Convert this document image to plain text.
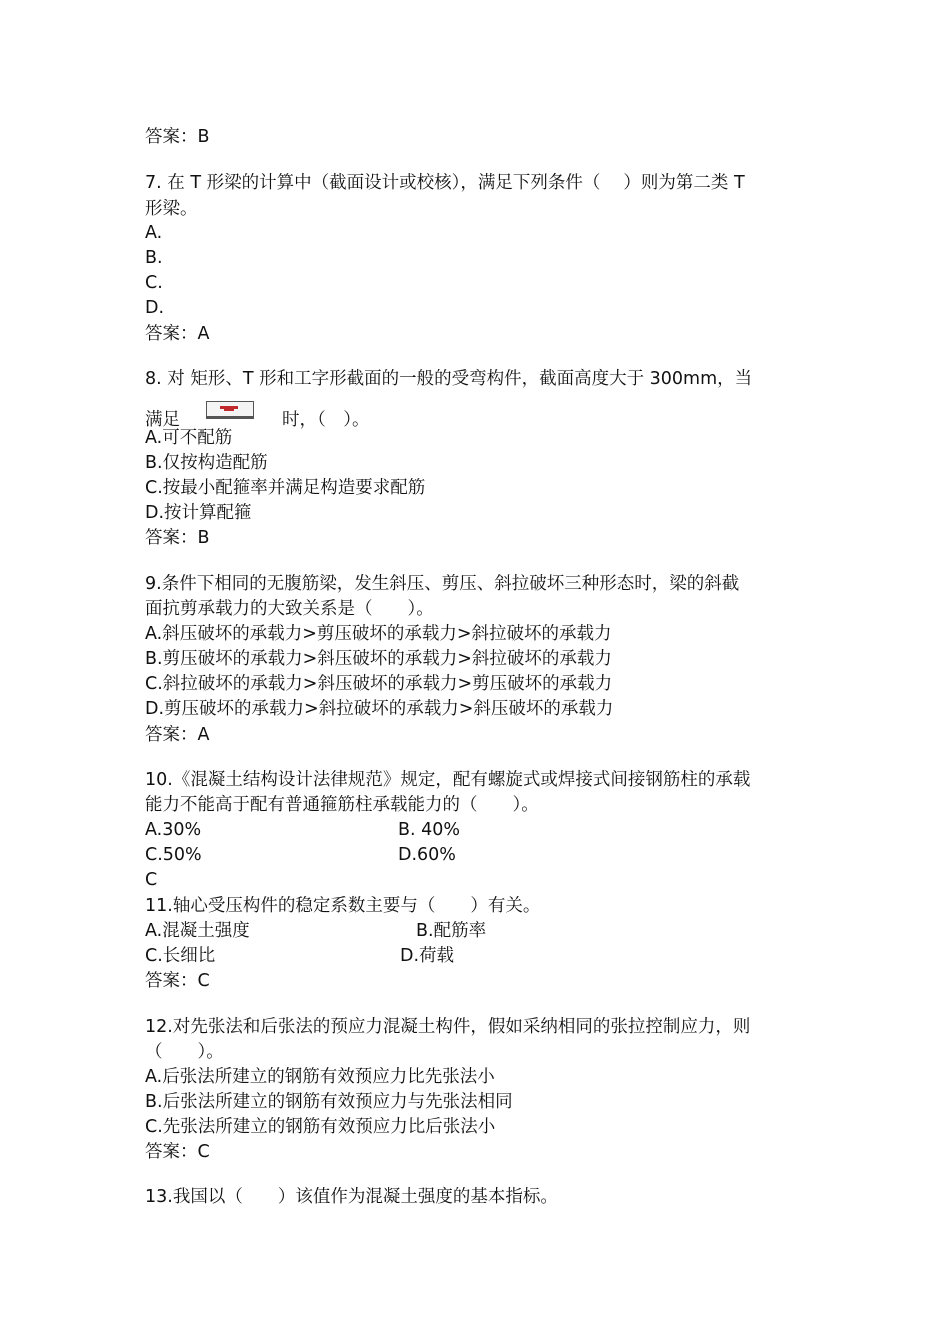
答案：B
7. 在 T 形梁的计算中（截面设计或校核），满足下列条件（　 ）则为第二类 T
形梁。
A.
B.
C.
D.
答案：A
8. 对 矩形、T 形和工字形截面的一般的受弯构件，截面高度大于 300mm，当
满足	时，（　）。
A.可不配筋
B.仅按构造配筋
C.按最小配箍率并满足构造要求配筋
D.按计算配箍
答案：B
9.条件下相同的无腹筋梁，发生斜压、剪压、斜拉破坏三种形态时，梁的斜截
面抗剪承载力的大致关系是（　　）。
A.斜压破坏的承载力>剪压破坏的承载力>斜拉破坏的承载力
B.剪压破坏的承载力>斜压破坏的承载力>斜拉破坏的承载力
C.斜拉破坏的承载力>斜压破坏的承载力>剪压破坏的承载力
D.剪压破坏的承载力>斜拉破坏的承载力>斜压破坏的承载力
答案：A
10.《混凝土结构设计法律规范》规定，配有螺旋式或焊接式间接钢筋柱的承载
能力不能高于配有普通箍筋柱承载能力的（　　）。
A.30%	B. 40%
C.50%	D.60%
C
11.轴心受压构件的稳定系数主要与（　　）有关。
A.混凝土强度	B.配筋率
C.长细比	D.荷载
答案：C
12.对先张法和后张法的预应力混凝土构件，假如采纳相同的张拉控制应力，则
（　　）。
A.后张法所建立的钢筋有效预应力比先张法小
B.后张法所建立的钢筋有效预应力与先张法相同
C.先张法所建立的钢筋有效预应力比后张法小
答案：C
13.我国以（　　）该值作为混凝土强度的基本指标。
